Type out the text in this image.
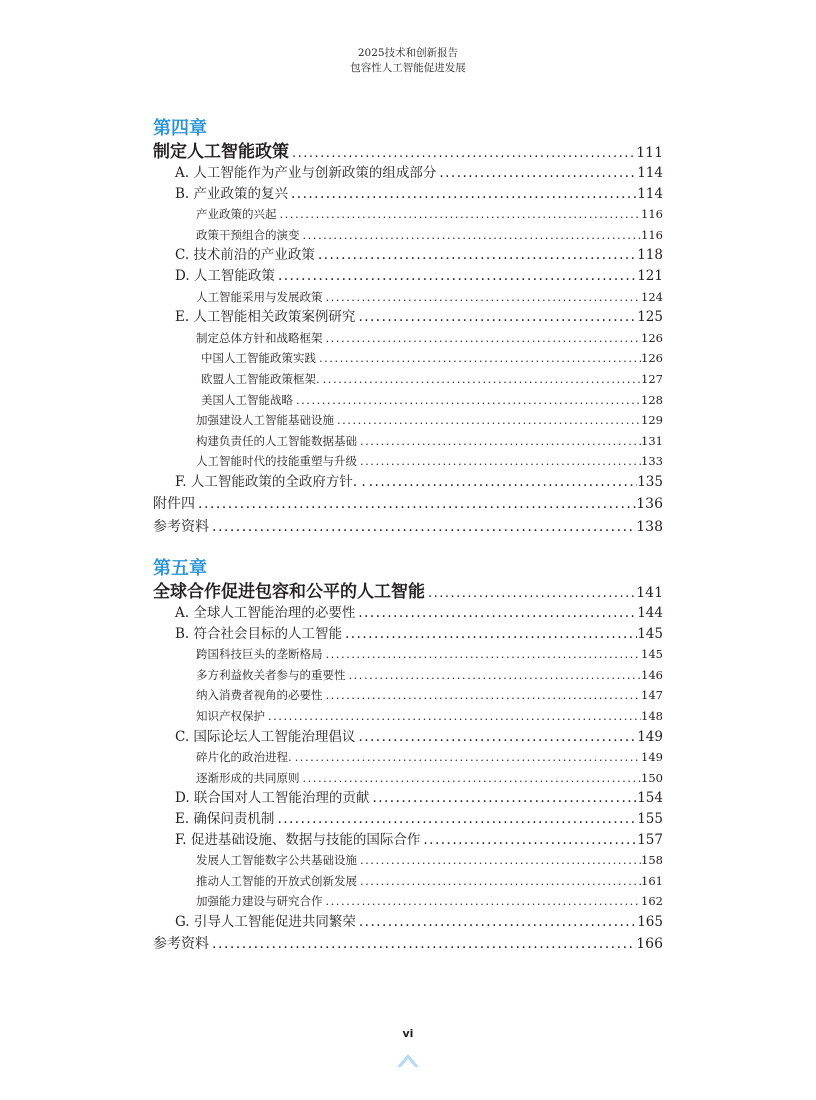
2025技术和创新报告
包容性人工智能促进发展
第四章
制定人工智能政策 .....	111
A. 人工智能作为产业与创新政策的组成部分 .....	114
B. 产业政策的复兴 .....	114
产业政策的兴起 .....	116
政策干预组合的演变 .....	116
C. 技术前沿的产业政策 .....	118
D. 人工智能政策 .....	121
人工智能采用与发展政策 .....	124
E. 人工智能相关政策案例研究 .....	125
制定总体方针和战略框架 .....	126
中国人工智能政策实践 .....	126
欧盟人工智能政策框架. .....	127
美国人工智能战略 .....	128
加强建设人工智能基础设施 .....	129
构建负责任的人工智能数据基础 .....	131
人工智能时代的技能重塑与升级 .....	133
F. 人工智能政策的全政府方针. . .....	135
附件四 .....	136
参考资料 .....	138
第五章
全球合作促进包容和公平的人工智能 .....	141
A. 全球人工智能治理的必要性 .....	144
B. 符合社会目标的人工智能 .....	145
跨国科技巨头的垄断格局 .....	145
多方利益攸关者参与的重要性 .....	146
纳入消费者视角的必要性 .....	147
知识产权保护 .....	148
C. 国际论坛人工智能治理倡议 .....	149
碎片化的政治进程. .....	149
逐渐形成的共同原则 .....	150
D. 联合国对人工智能治理的贡献 .....	154
E. 确保问责机制 .....	155
F. 促进基础设施、数据与技能的国际合作 .....	157
发展人工智能数字公共基础设施 .....	158
推动人工智能的开放式创新发展 .....	161
加强能力建设与研究合作 .....	162
G. 引导人工智能促进共同繁荣 .....	165
参考资料 .....	166
vi
